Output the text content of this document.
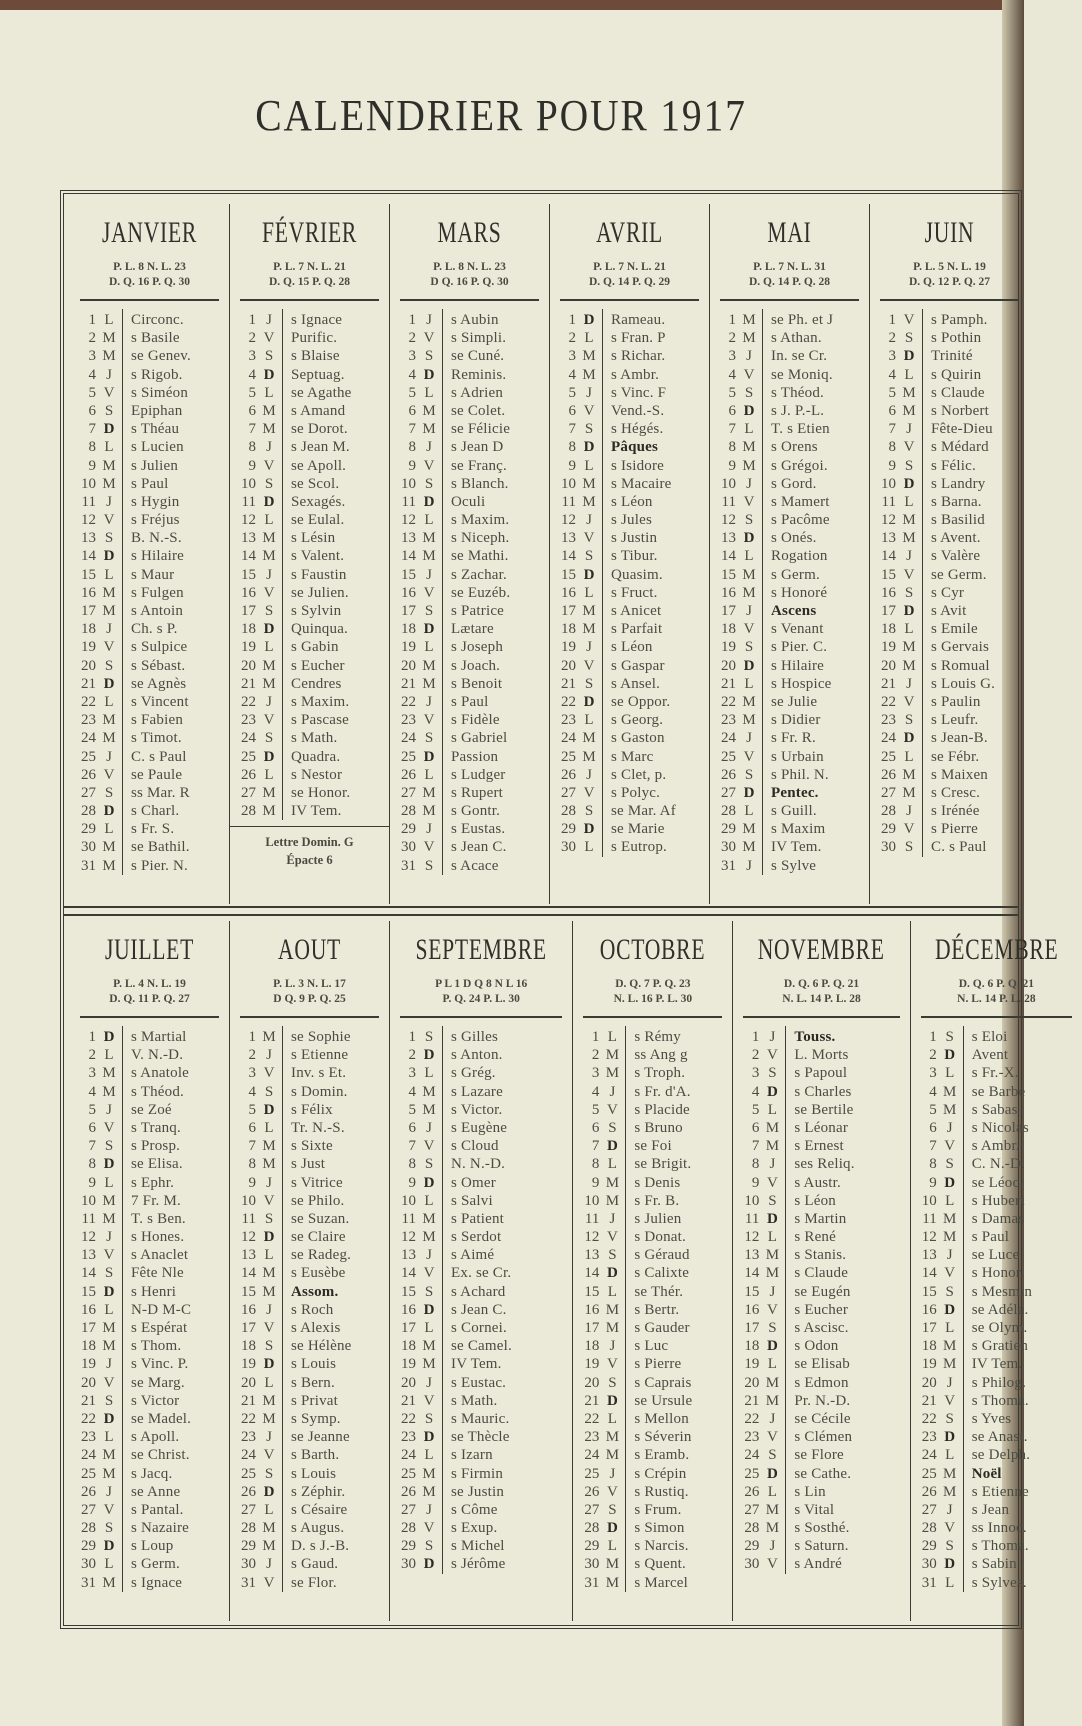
CALENDRIER POUR 1917
JANVIER
P. L. 8 N. L. 23
D. Q. 16 P. Q. 30
1 L	Circonc.
2 M s Basile
3 M se Genev.
4 J	s Rigob.
5 V	s Siméon
6 S	Epiphan
7 D	s Théau
8 L	s Lucien
9 M s Julien
10 M s Paul
11 J	s Hygin
12 V	s Fréjus
13 S	B. N.-S.
14 D	s Hilaire
15 L	s Maur
16 M s Fulgen
17 M s Antoin
18 J	Ch. s P.
19 V	s Sulpice
20 S	s Sébast.
21 D	se Agnès
22 L	s Vincent
23 M s Fabien
24 M s Timot.
25 J	C. s Paul
26 V	se Paule
27 S	ss Mar. R
28 D	s Charl.
29 L	s Fr. S.
30 M se Bathil.
31 M s Pier. N.
FÉVRIER
P. L. 7 N. L. 21
D. Q. 15 P. Q. 28
1 J	s Ignace
2 V	Purific.
3 S	s Blaise
4 D	Septuag.
5 L	se Agathe
6 M s Amand
7 M se Dorot.
8 J	s Jean M.
9 V	se Apoll.
10 S	se Scol.
11 D	Sexagés.
12 L	se Eulal.
13 M s Lésin
14 M s Valent.
15 J	s Faustin
16 V	se Julien.
17 S	s Sylvin
18 D	Quinqua.
19 L	s Gabin
20 M s Eucher
21 M Cendres
22 J	s Maxim.
23 V	s Pascase
24 S	s Math.
25 D	Quadra.
26 L	s Nestor
27 M se Honor.
28 M IV Tem.
Lettre Domin. G
Épacte 6
MARS
P. L. 8 N. L. 23
D Q. 16 P. Q. 30
1 J	s Aubin
2 V	s Simpli.
3 S	se Cuné.
4 D	Reminis.
5 L	s Adrien
6 M se Colet.
7 M se Félicie
8 J	s Jean D
9 V	se Franç.
10 S	s Blanch.
11 D	Oculi
12 L	s Maxim.
13 M s Niceph.
14 M se Mathi.
15 J	s Zachar.
16 V	se Euzéb.
17 S	s Patrice
18 D	Lætare
19 L	s Joseph
20 M s Joach.
21 M s Benoit
22 J	s Paul
23 V	s Fidèle
24 S	s Gabriel
25 D	Passion
26 L	s Ludger
27 M s Rupert
28 M s Gontr.
29 J	s Eustas.
30 V	s Jean C.
31 S	s Acace
AVRIL
P. L. 7 N. L. 21
D. Q. 14 P. Q. 29
1 D	Rameau.
2 L	s Fran. P
3 M s Richar.
4 M s Ambr.
5 J	s Vinc. F
6 V	Vend.-S.
7 S	s Hégés.
8 D	Pâques
9 L	s Isidore
10 M s Macaire
11 M s Léon
12 J	s Jules
13 V	s Justin
14 S	s Tibur.
15 D	Quasim.
16 L	s Fruct.
17 M s Anicet
18 M s Parfait
19 J	s Léon
20 V	s Gaspar
21 S	s Ansel.
22 D	se Oppor.
23 L	s Georg.
24 M s Gaston
25 M s Marc
26 J	s Clet, p.
27 V	s Polyc.
28 S	se Mar. Af
29 D	se Marie
30 L	s Eutrop.
MAI
P. L. 7 N. L. 31
D. Q. 14 P. Q. 28
1 M se Ph. et J
2 M s Athan.
3 J	In. se Cr.
4 V	se Moniq.
5 S	s Théod.
6 D	s J. P.-L.
7 L	T. s Etien
8 M s Orens
9 M s Grégoi.
10 J	s Gord.
11 V	s Mamert
12 S	s Pacôme
13 D	s Onés.
14 L	Rogation
15 M s Germ.
16 M s Honoré
17 J	Ascens
18 V	s Venant
19 S	s Pier. C.
20 D	s Hilaire
21 L	s Hospice
22 M se Julie
23 M s Didier
24 J	s Fr. R.
25 V	s Urbain
26 S	s Phil. N.
27 D	Pentec.
28 L	s Guill.
29 M s Maxim
30 M IV Tem.
31 J	s Sylve
JUIN
P. L. 5 N. L. 19
D. Q. 12 P. Q. 27
1 V	s Pamph.
2 S	s Pothin
3 D	Trinité
4 L	s Quirin
5 M s Claude
6 M s Norbert
7 J	Fête-Dieu
8 V	s Médard
9 S	s Félic.
10 D	s Landry
11 L	s Barna.
12 M s Basilid
13 M s Avent.
14 J	s Valère
15 V	se Germ.
16 S	s Cyr
17 D	s Avit
18 L	s Emile
19 M s Gervais
20 M s Romual
21 J	s Louis G.
22 V	s Paulin
23 S	s Leufr.
24 D	s Jean-B.
25 L	se Fébr.
26 M s Maixen
27 M s Cresc.
28 J	s Irénée
29 V	s Pierre
30 S	C. s Paul
JUILLET
P. L. 4 N. L. 19
D. Q. 11 P. Q. 27
1 D	s Martial
2 L	V. N.-D.
3 M s Anatole
4 M s Théod.
5 J	se Zoé
6 V	s Tranq.
7 S	s Prosp.
8 D	se Elisa.
9 L	s Ephr.
10 M 7 Fr. M.
11 M T. s Ben.
12 J	s Hones.
13 V	s Anaclet
14 S	Fête Nle
15 D	s Henri
16 L	N-D M-C
17 M s Espérat
18 M s Thom.
19 J	s Vinc. P.
20 V	se Marg.
21 S	s Victor
22 D	se Madel.
23 L	s Apoll.
24 M se Christ.
25 M s Jacq.
26 J	se Anne
27 V	s Pantal.
28 S	s Nazaire
29 D	s Loup
30 L	s Germ.
31 M s Ignace
AOUT
P. L. 3 N. L. 17
D Q. 9 P. Q. 25
1 M se Sophie
2 J	s Etienne
3 V	Inv. s Et.
4 S	s Domin.
5 D	s Félix
6 L	Tr. N.-S.
7 M s Sixte
8 M s Just
9 J	s Vitrice
10 V	se Philo.
11 S	se Suzan.
12 D	se Claire
13 L	se Radeg.
14 M s Eusèbe
15 M Assom.
16 J	s Roch
17 V	s Alexis
18 S	se Hélène
19 D	s Louis
20 L	s Bern.
21 M s Privat
22 M s Symp.
23 J	se Jeanne
24 V	s Barth.
25 S	s Louis
26 D	s Zéphir.
27 L	s Césaire
28 M s Augus.
29 M D. s J.-B.
30 J	s Gaud.
31 V	se Flor.
SEPTEMBRE
P L 1 D Q 8 N L 16
P. Q. 24 P. L. 30
1 S	s Gilles
2 D	s Anton.
3 L	s Grég.
4 M s Lazare
5 M s Victor.
6 J	s Eugène
7 V	s Cloud
8 S	N. N.-D.
9 D	s Omer
10 L	s Salvi
11 M s Patient
12 M s Serdot
13 J	s Aimé
14 V	Ex. se Cr.
15 S	s Achard
16 D	s Jean C.
17 L	s Cornei.
18 M se Camel.
19 M IV Tem.
20 J	s Eustac.
21 V	s Math.
22 S	s Mauric.
23 D	se Thècle
24 L	s Izarn
25 M s Firmin
26 M se Justin
27 J	s Côme
28 V	s Exup.
29 S	s Michel
30 D	s Jérôme
OCTOBRE
D. Q. 7 P. Q. 23
N. L. 16 P. L. 30
1 L	s Rémy
2 M ss Ang g
3 M s Troph.
4 J	s Fr. d'A.
5 V	s Placide
6 S	s Bruno
7 D	se Foi
8 L	se Brigit.
9 M s Denis
10 M s Fr. B.
11 J	s Julien
12 V	s Donat.
13 S	s Géraud
14 D	s Calixte
15 L	se Thér.
16 M s Bertr.
17 M s Gauder
18 J	s Luc
19 V	s Pierre
20 S	s Caprais
21 D	se Ursule
22 L	s Mellon
23 M s Séverin
24 M s Eramb.
25 J	s Crépin
26 V	s Rustiq.
27 S	s Frum.
28 D	s Simon
29 L	s Narcis.
30 M s Quent.
31 M s Marcel
NOVEMBRE
D. Q. 6 P. Q. 21
N. L. 14 P. L. 28
1 J	Touss.
2 V	L. Morts
3 S	s Papoul
4 D	s Charles
5 L	se Bertile
6 M s Léonar
7 M s Ernest
8 J	ses Reliq.
9 V	s Austr.
10 S	s Léon
11 D	s Martin
12 L	s René
13 M s Stanis.
14 M s Claude
15 J	se Eugén
16 V	s Eucher
17 S	s Ascisc.
18 D	s Odon
19 L	se Elisab
20 M s Edmon
21 M Pr. N.-D.
22 J	se Cécile
23 V	s Clémen
24 S	se Flore
25 D	se Cathe.
26 L	s Lin
27 M s Vital
28 M s Sosthé.
29 J	s Saturn.
30 V	s André
DÉCEMBRE
D. Q. 6 P. Q. 21
N. L. 14 P. L. 28
1 S	s Eloi
2 D	Avent
3 L	s Fr.-X.
4 M se Barbe
5 M s Sabas
6 J	s Nicolas
7 V	s Ambr.
8 S	C. N.-D.
9 D	se Léoc.
10 L	s Hubert
11 M s Damas
12 M s Paul
13 J	se Luce
14 V	s Honor.
15 S	s Mesmin
16 D	se Adéla.
17 L	se Olym.
18 M s Gratien
19 M IV Tem.
20 J	s Philog.
21 V	s Thoma.
22 S	s Yves
23 D	se Anast.
24 L	se Delph.
25 M Noël
26 M s Etienne
27 J	s Jean
28 V	ss Innoc.
29 S	s Thoma.
30 D	s Sabin
31 L	s Sylves.
